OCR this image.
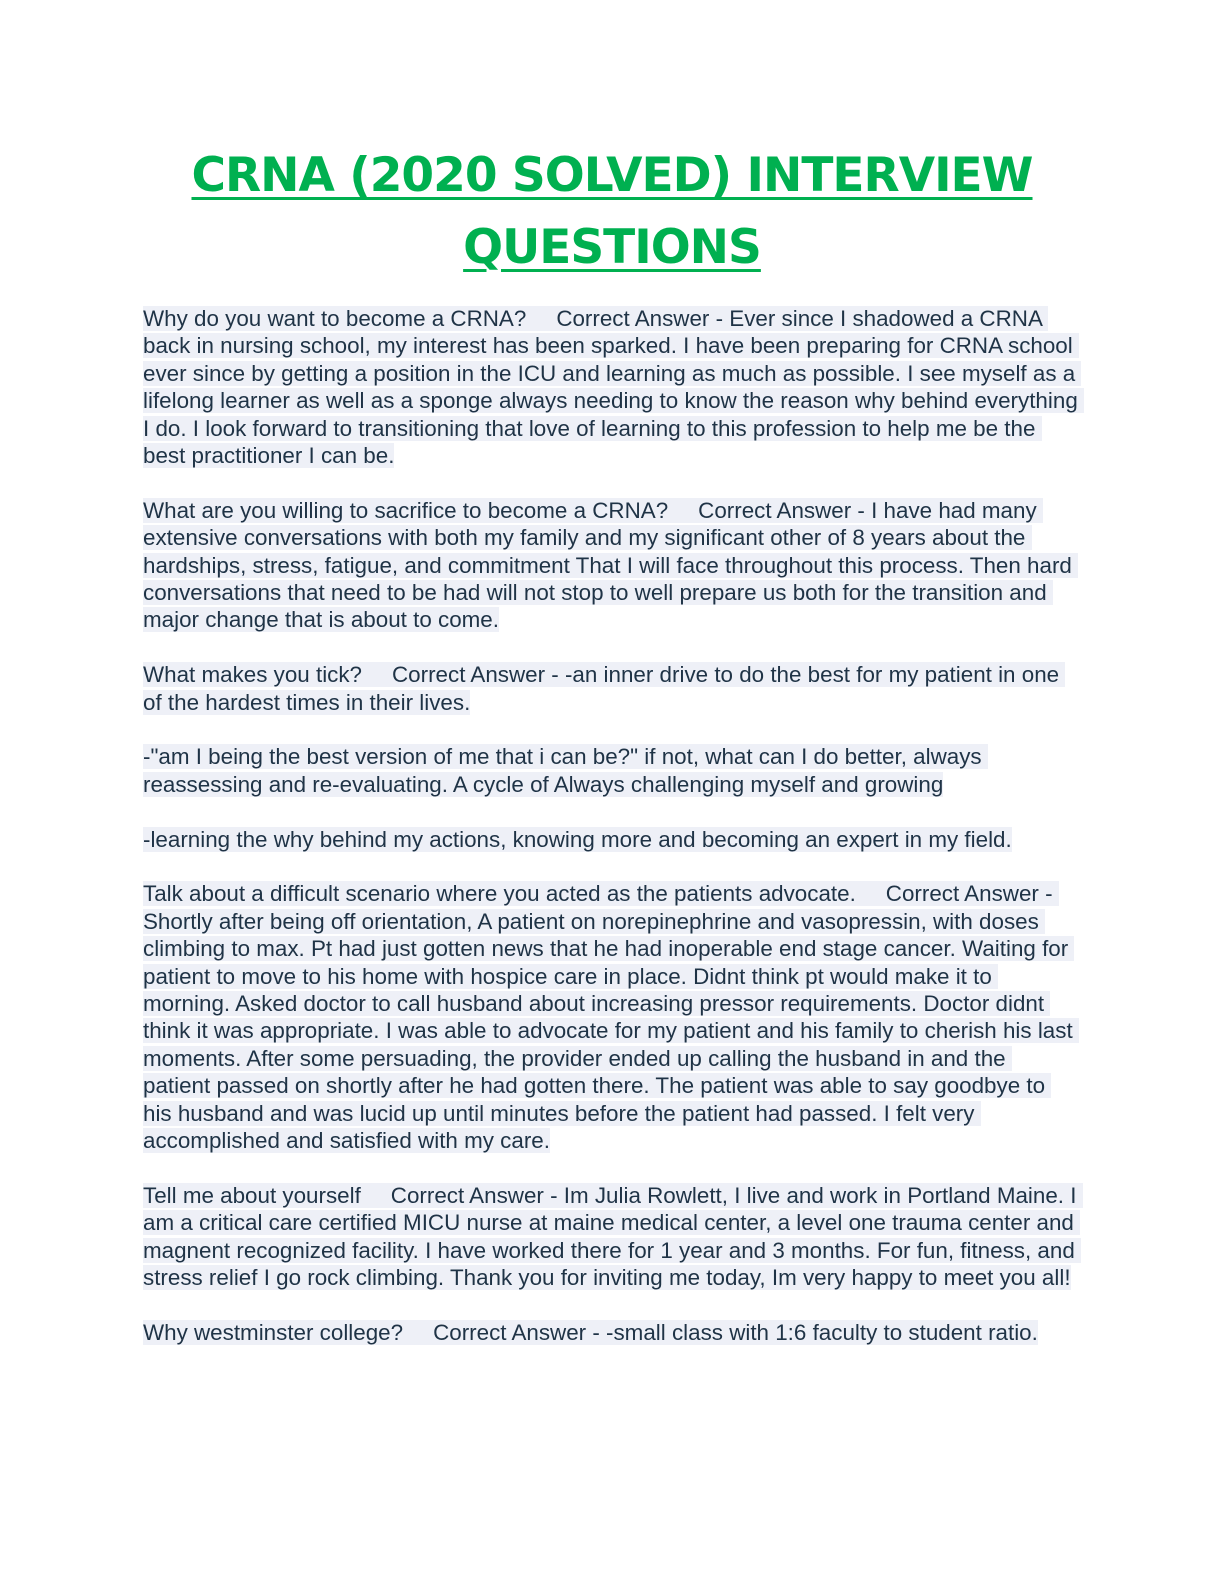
CRNA (2020 SOLVED) INTERVIEW
QUESTIONS

Why do you want to become a CRNA? Correct Answer - Ever since I shadowed a CRNA back in nursing school, my interest has been sparked. I have been preparing for CRNA school ever since by getting a position in the ICU and learning as much as possible. I see myself as a lifelong learner as well as a sponge always needing to know the reason why behind everything I do. I look forward to transitioning that love of learning to this profession to help me be the best practitioner I can be.

What are you willing to sacrifice to become a CRNA? Correct Answer - I have had many extensive conversations with both my family and my significant other of 8 years about the hardships, stress, fatigue, and commitment That I will face throughout this process. Then hard conversations that need to be had will not stop to well prepare us both for the transition and major change that is about to come.

What makes you tick? Correct Answer - -an inner drive to do the best for my patient in one of the hardest times in their lives.

-"am I being the best version of me that i can be?" if not, what can I do better, always reassessing and re-evaluating. A cycle of Always challenging myself and growing

-learning the why behind my actions, knowing more and becoming an expert in my field.

Talk about a difficult scenario where you acted as the patients advocate. Correct Answer - Shortly after being off orientation, A patient on norepinephrine and vasopressin, with doses climbing to max. Pt had just gotten news that he had inoperable end stage cancer. Waiting for patient to move to his home with hospice care in place. Didnt think pt would make it to morning. Asked doctor to call husband about increasing pressor requirements. Doctor didnt think it was appropriate. I was able to advocate for my patient and his family to cherish his last moments. After some persuading, the provider ended up calling the husband in and the patient passed on shortly after he had gotten there. The patient was able to say goodbye to his husband and was lucid up until minutes before the patient had passed. I felt very accomplished and satisfied with my care.

Tell me about yourself Correct Answer - Im Julia Rowlett, I live and work in Portland Maine. I am a critical care certified MICU nurse at maine medical center, a level one trauma center and magnent recognized facility. I have worked there for 1 year and 3 months. For fun, fitness, and stress relief I go rock climbing. Thank you for inviting me today, Im very happy to meet you all!

Why westminster college? Correct Answer - -small class with 1:6 faculty to student ratio.
